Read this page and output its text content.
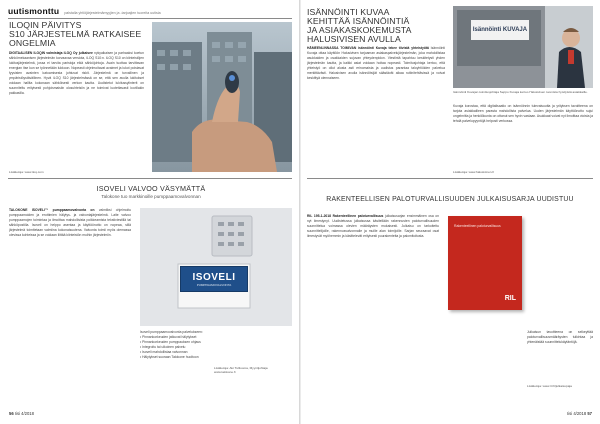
uutismonttu palstalla yhtiöjärjestelmämyyjien ja -tarjoajien tuoreita uutisia
ILOQIN PÄIVITYS
S10 JÄRJESTELMÄ RATKAISEE
ONGELMIA
DIGITAALISEN ILOQIN valmistaja iLOQ Oy julkaisee nykyaikaisen ja parhaaksi koetun sähkömekaanisen järjestelmän korvaavaa versiota, iLOQ S10:n. iLOQ S10 on kiinteistöjen lukitusjärjestelmä, jossa ei tarvita paristoja eikä sähköjohtoja. Avain tuottaa tarvittavan energian itse kun se työnnetään lukkoon. Nopeasti ohjelmoitavat avaimet ja lukot poistavat fyysisten avainten katoamisesta johtuvat riskit. Järjestelmä on turvallinen ja ympäristöystävällinen. Hyvä iLOQ S10 järjestelmässä on se, että sen avulla lukitukset voidaan hallita kokonaan sähköisesti verkon kautta. Uudistetut lukitussylinterit on suunniteltu erityisesti pohjoismaisiin olosuhteisiin ja ne toimivat luotettavasti kovillakin pakkasilla.
Lisätietoja: www.iloq.com
ISOVELI VALVOO VÄSYMÄTTÄ
Talokone tuo markkinoille pumppaamovalvonnan
TALOKONE ISOVELI™ pumppaamovalvonta on valmiiksi ohjelmoitu pumppaamoiden ja erottimien hälytys- ja valvontajärjestelmä. Laite valvoo pumppaamojen toimintaa ja ilmoittaa mahdollisista poikkeamista tekstiviestillä tai sähköpostilla. Isoveli on helppo asentaa ja käyttöönotto on nopeaa, sillä järjestelmä toimitetaan valmiina kokonaisuutena. Valvonta toimii myös olemassa olevissa kohteissa ja se voidaan liittää kiinteistön muihin järjestelmiin.
ISOVELI
PUMPPAAMOVALVONTA
Isoveli pumppaamovalvonta palvelukseen:
• Pinnankorkeuden jatkuvat hälytykset
• Pinnankorkeuden pumppauksen ohjaus
• Integroitu tai ulkoinen palvelu
• Isoveli mahdollistaa valvonnan
• Hälytykset suoraan Talokone huoltoon
Lisätietoja: Aki Tuliluoma, Myyntijohtaja
www.talokone.fi
56 Iisi 4/2018
ISÄNNÖINTI KUVAA
KEHITTÄÄ ISÄNNÖINTIÄ
JA ASIAKASKOKEMUSTA
HALUSIVISEN AVULLA
HÄMEENLINNASSA TOIMIVAN isännöinti Kuvaja tekee tiivistä yhteistyötä Isännöinti Kuvaja ottaa käyttöön Halusivisen tarjoaman asiakaspalvelujärjestelmän, joka mahdollistaa asukkaiden ja osakkaiden sujuvan yhteydenpidon. Viestintä tapahtuu keskitetysti yhden järjestelmän kautta, ja kaikki asiat voidaan hoitaa nopeasti. Toimitusjohtaja kertoo, että yhteistyö on ollut alusta asti erinomaista ja uudistus parantaa taloyhtiöiden palvelua merkittävästi. Halusivisen avulla isännöitsijät säästävät aikaa rutiinitehtävissä ja voivat keskittyä olennaiseen.
Isännöinti KUVAJA
Isännöinti Kuvajan toimitusjohtaja Seppo Kuvaja kertoo Halusivisen tuomista hyödyistä asiakkaille.
Kuvaja korostaa, että digitalisaatio on isännöinnin tulevaisuutta ja yrityksen tavoitteena on tarjota asiakkailleen parasta mahdollista palvelua. Uuden järjestelmän käyttöönotto sujui ongelmitta ja henkilökunta on ottanut sen hyvin vastaan. Asukkaat voivat nyt ilmoittaa vioista ja tehdä palvelupyyntöjä helposti verkossa.
Lisätietoja: www.halusivinen.fi
RAKENTEELLISEN PALOTURVALLISUUDEN JULKAISUSARJA UUDISTUU
RIL 195-1-2018 Rakenteellinen paloturvallisuus julkaisusarjan ensimmäinen osa on nyt ilmestynyt. Uudistetussa julkaisussa käsitellään rakennusten paloturvallisuuden suunnittelua voimassa olevien määräysten mukaisesti. Julkaisu on tarkoitettu suunnittelijoille, rakennusvalvonnalle ja muille alan toimijoille. Sarjan seuraavat osat ilmestyvät myöhemmin ja käsittelevät erityisesti puurakenteita ja palomitoitusta.
Rakenteellinen paloturvallisuus
RIL
Julkaisun tavoitteena on selkeyttää paloturvallisuusmääräysten tulkintaa ja yhtenäistää suunnittelukäytäntöjä.
Lisätietoja: www.ril.fi/julkaisupaja
Iisi 4/2018 57
